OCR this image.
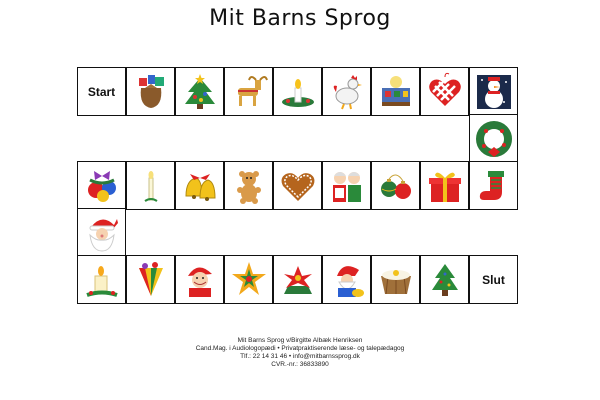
Mit Barns Sprog
Start
Slut
Mit Barns Sprog v/Birgitte Albæk Henriksen
Cand.Mag. i Audiologopædi • Privatpraktiserende læse- og talepædagog
Tlf.: 22 14 31 46 • info@mitbarnssprog.dk
CVR.-nr.: 36833890
